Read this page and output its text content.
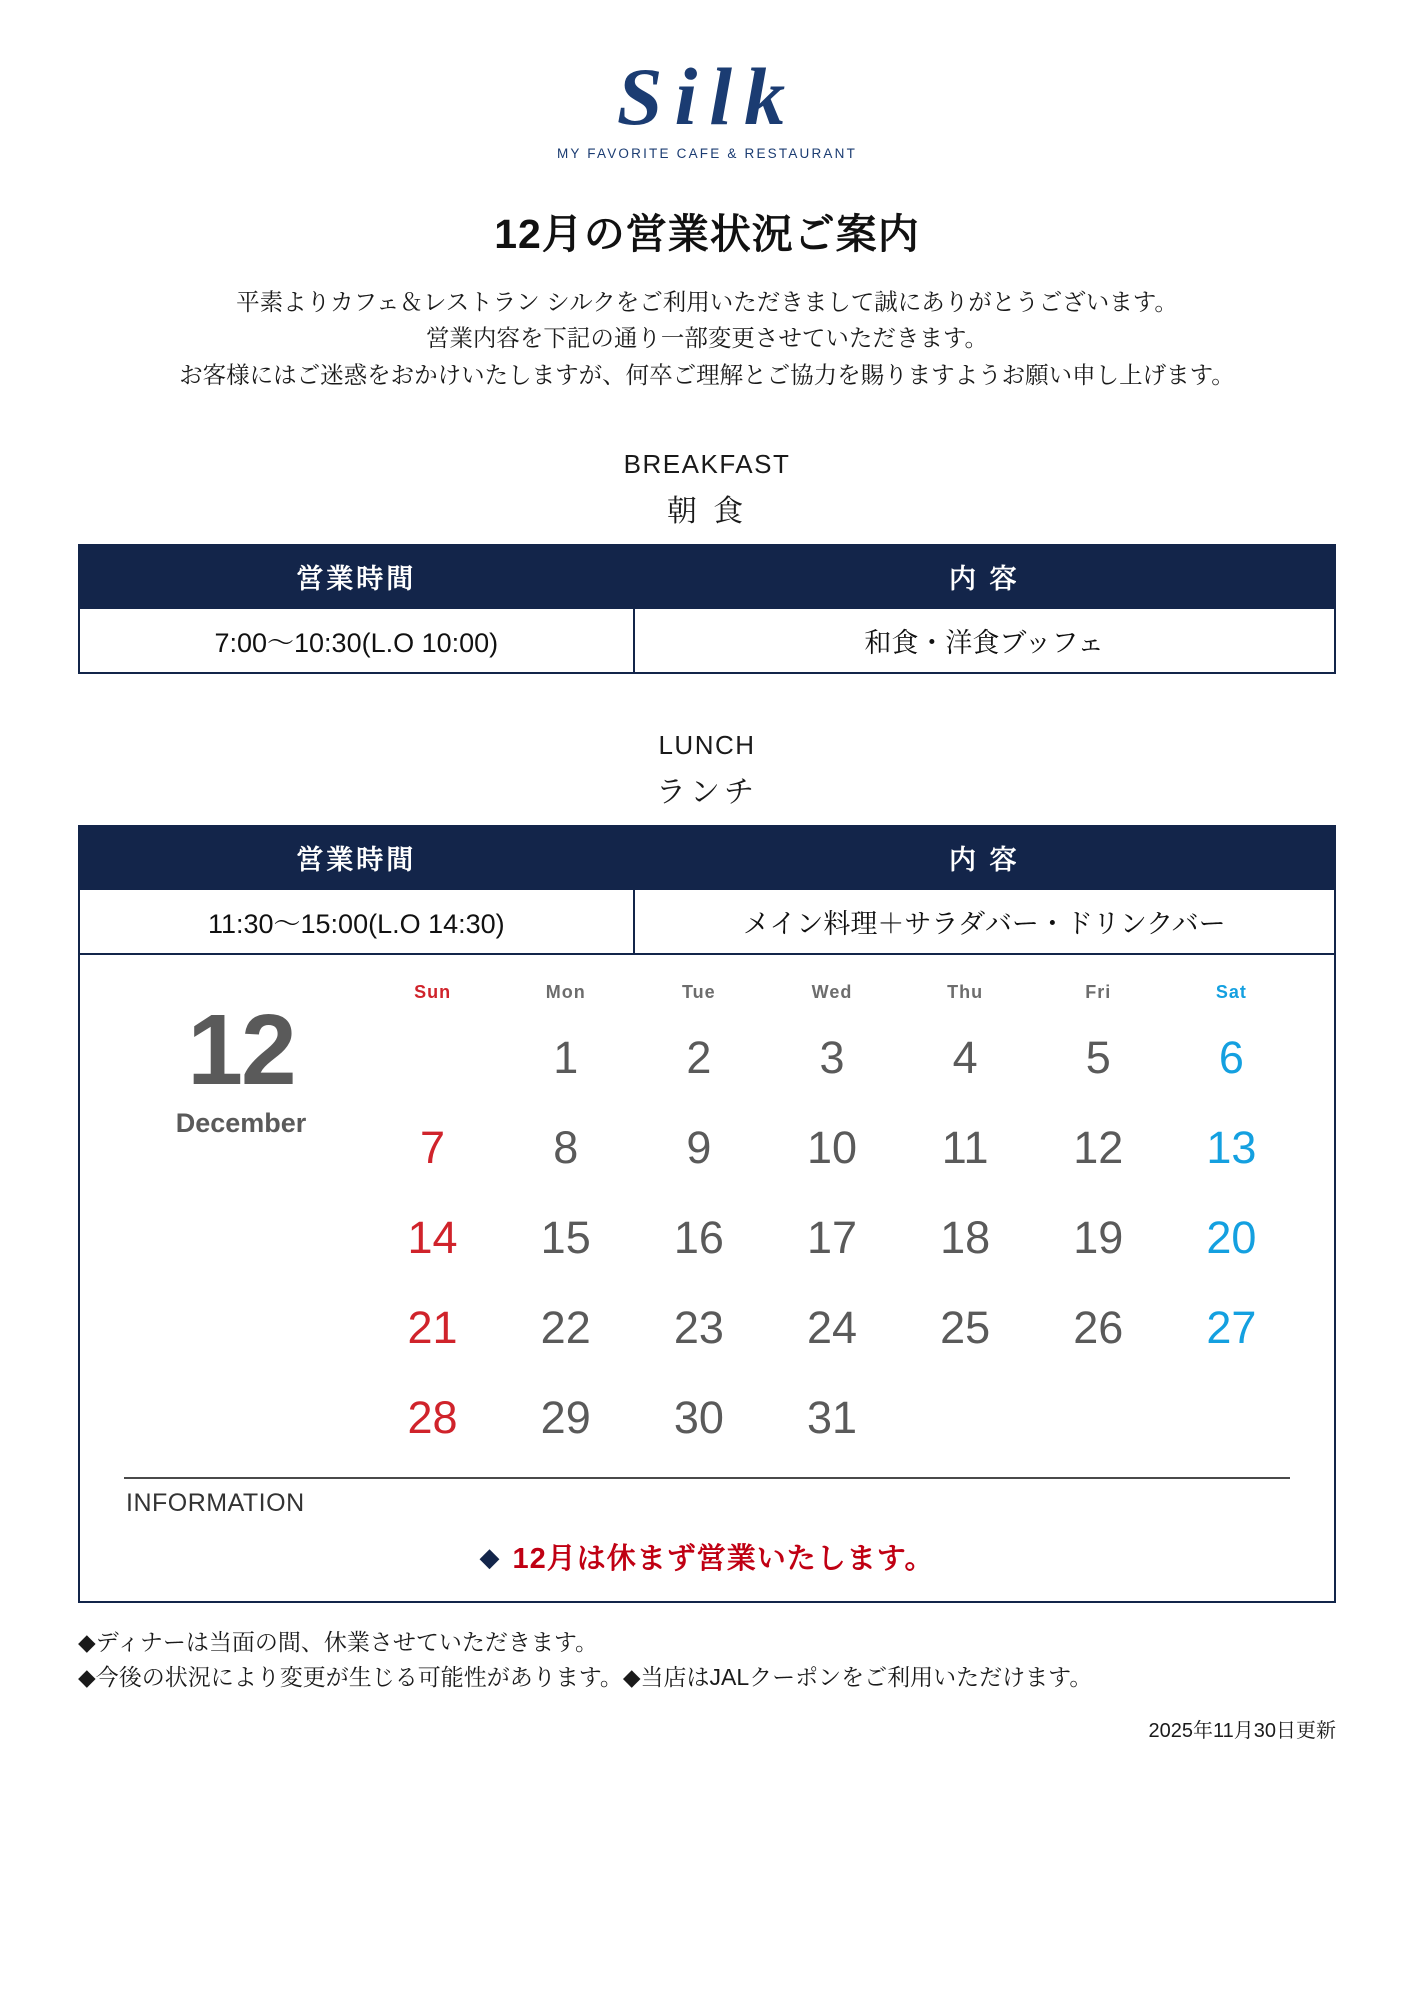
Silk
MY FAVORITE CAFE & RESTAURANT
12月の営業状況ご案内
平素よりカフェ＆レストラン シルクをご利用いただきまして誠にありがとうございます。
営業内容を下記の通り一部変更させていただきます。
お客様にはご迷惑をおかけいたしますが、何卒ご理解とご協力を賜りますようお願い申し上げます。
BREAKFAST
朝 食
営業時間	内 容
7:00〜10:30(L.O 10:00)	和食・洋食ブッフェ
LUNCH
ランチ
営業時間	内 容
11:30〜15:00(L.O 14:30)	メイン料理＋サラダバー・ドリンクバー
12
December
Sun	Mon	Tue	Wed	Thu	Fri	Sat
	1	2	3	4	5	6
7	8	9	10	11	12	13
14	15	16	17	18	19	20
21	22	23	24	25	26	27
28	29	30	31			
INFORMATION
◆ 12月は休まず営業いたします。
◆ディナーは当面の間、休業させていただきます。
◆今後の状況により変更が生じる可能性があります。◆当店はJALクーポンをご利用いただけます。
2025年11月30日更新
